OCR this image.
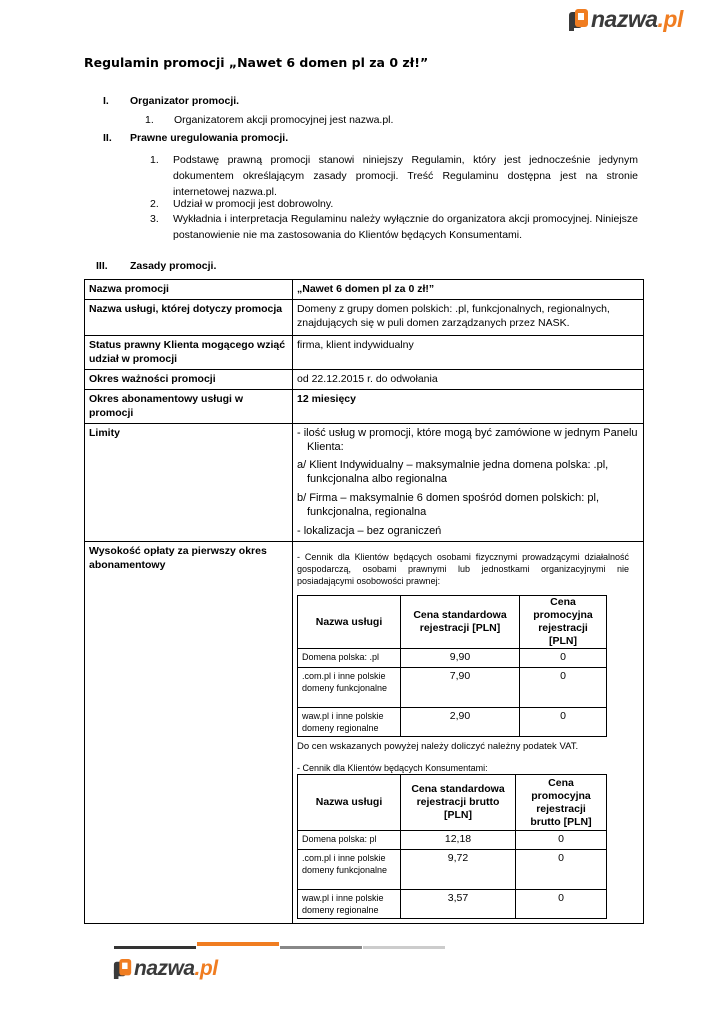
nazwa .pl
Regulamin promocji „Nawet 6 domen pl za 0 zł!”
I. Organizator promocji.
1. Organizatorem akcji promocyjnej jest nazwa.pl.
II. Prawne uregulowania promocji.
1. Podstawę prawną promocji stanowi niniejszy Regulamin, który jest jednocześnie jedynym dokumentem określającym zasady promocji. Treść Regulaminu dostępna jest na stronie internetowej nazwa.pl.
2. Udział w promocji jest dobrowolny.
3. Wykładnia i interpretacja Regulaminu należy wyłącznie do organizatora akcji promocyjnej. Niniejsze postanowienie nie ma zastosowania do Klientów będących Konsumentami.
III. Zasady promocji.
Nazwa promocji	„Nawet 6 domen pl za 0 zł!”
Nazwa usługi, której dotyczy promocja	Domeny z grupy domen polskich: .pl, funkcjonalnych, regionalnych, znajdujących się w puli domen zarządzanych przez NASK.
Status prawny Klienta mogącego wziąć udział w promocji	firma, klient indywidualny
Okres ważności promocji	od 22.12.2015 r. do odwołania
Okres abonamentowy usługi w promocji	12 miesięcy
Limity	- ilość usług w promocji, które mogą być zamówione w jednym Panelu Klienta:
a/ Klient Indywidualny – maksymalnie jedna domena polska: .pl, funkcjonalna albo regionalna
b/ Firma – maksymalnie 6 domen spośród domen polskich: pl, funkcjonalna, regionalna
- lokalizacja – bez ograniczeń

Wysokość opłaty za pierwszy okres abonamentowy	
- Cennik dla Klientów będących osobami fizycznymi prowadzącymi działalność gospodarczą, osobami prawnymi lub jednostkami organizacyjnymi nie posiadającymi osobowości prawnej:
Nazwa usługi	Cena standardowa rejestracji [PLN]	Cena promocyjna rejestracji [PLN]
Domena polska: .pl	9,90	0
.com.pl i inne polskie domeny funkcjonalne	7,90	0
waw.pl i inne polskie domeny regionalne	2,90	0
Do cen wskazanych powyżej należy doliczyć należny podatek VAT.
- Cennik dla Klientów będących Konsumentami:
Nazwa usługi	Cena standardowa rejestracji brutto [PLN]	Cena promocyjna rejestracji brutto [PLN]
Domena polska: pl	12,18	0
.com.pl i inne polskie domeny funkcjonalne	9,72	0
waw.pl i inne polskie domeny regionalne	3,57	0
nazwa .pl
